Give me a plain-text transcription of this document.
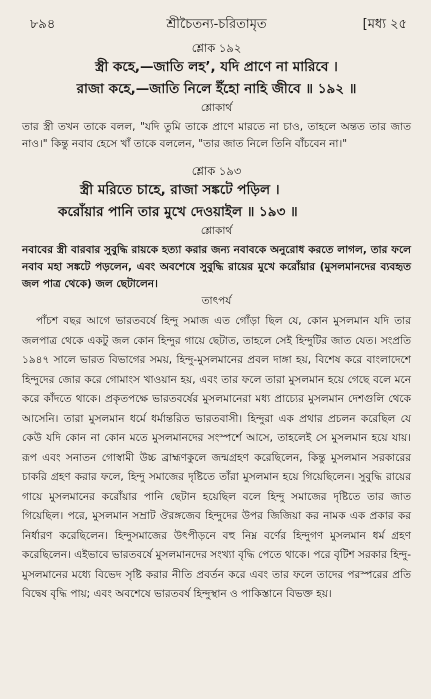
৮৯৪	শ্রীচৈতন্য-চরিতামৃত	[মধ্য ২৫
শ্লোক ১৯২
স্ত্রী কহে,—জাতি লহ’, যদি প্রাণে না মারিবে ।
রাজা কহে,—জাতি নিলে ইঁহো নাহি জীবে ॥ ১৯২ ॥
শ্লোকার্থ

তার স্ত্রী তখন তাকে বলল, "যদি তুমি তাকে প্রাণে মারতে না চাও, তাহলে অন্তত তার জাত নাও।" কিন্তু নবাব হেসে খাঁ তাকে বললেন, "তার জাত নিলে তিনি বাঁচবেন না।"

শ্লোক ১৯৩
স্ত্রী মরিতে চাহে, রাজা সঙ্কটে পড়িল ।
করোঁয়ার পানি তার মুখে দেওয়াইল ॥ ১৯৩ ॥
শ্লোকার্থ

নবাবের স্ত্রী বারবার সুবুদ্ধি রায়কে হত্যা করার জন্য নবাবকে অনুরোধ করতে লাগল, তার ফলে নবাব মহা সঙ্কটে পড়লেন, এবং অবশেষে সুবুদ্ধি রায়ের মুখে করোঁয়ার (মুসলমানদের ব্যবহৃত জল পাত্র থেকে) জল ছেটালেন।

তাৎপর্য

পাঁচশ বছর আগে ভারতবর্ষে হিন্দু সমাজ এত গোঁড়া ছিল যে, কোন মুসলমান যদি তার জলপাত্র থেকে একটু জল কোন হিন্দুর গায়ে ছেটাত, তাহলে সেই হিন্দুটির জাত যেত। সংপ্রতি ১৯৪৭ সালে ভারত বিভাগের সময়, হিন্দু-মুসলমানের প্রবল দাঙ্গা হয়, বিশেষ করে বাংলাদেশে হিন্দুদের জোর করে গোমাংস খাওয়ান হয়, এবং তার ফলে তারা মুসলমান হয়ে গেছে বলে মনে করে কাঁদতে থাকে। প্রকৃতপক্ষে ভারতবর্ষের মুসলমানেরা মধ্য প্রাচ্যের মুসলমান দেশগুলি থেকে আসেনি। তারা মুসলমান ধর্মে ধর্মান্তরিত ভারতবাসী। হিন্দুরা এক প্রথার প্রচলন করেছিল যে কেউ যদি কোন না কোন মতে মুসলমানদের সংস্পর্শে আসে, তাহলেই সে মুসলমান হয়ে যায়। রূপ এবং সনাতন গোস্বামী উচ্চ ব্রাহ্মণকুলে জন্মগ্রহণ করেছিলেন, কিন্তু মুসলমান সরকারের চাকরি গ্রহণ করার ফলে, হিন্দু সমাজের দৃষ্টিতে তাঁরা মুসলমান হয়ে গিয়েছিলেন। সুবুদ্ধি রায়ের গায়ে মুসলমানের করোঁয়ার পানি ছেটান হয়েছিল বলে হিন্দু সমাজের দৃষ্টিতে তার জাত গিয়েছিল। পরে, মুসলমান সম্রাট ঔরঙ্গজেব হিন্দুদের উপর জিজিয়া কর নামক এক প্রকার কর নির্ধারণ করেছিলেন। হিন্দুসমাজের উৎপীড়নে বহু নিম্ন বর্ণের হিন্দুগণ মুসলমান ধর্ম গ্রহণ করেছিলেন। এইভাবে ভারতবর্ষে মুসলমানদের সংখ্যা বৃদ্ধি পেতে থাকে। পরে বৃটিশ সরকার হিন্দু-মুসলমানের মধ্যে বিভেদ সৃষ্টি করার নীতি প্রবর্তন করে এবং তার ফলে তাদের পরস্পরের প্রতি বিদ্বেষ বৃদ্ধি পায়; এবং অবশেষে ভারতবর্ষ হিন্দুস্থান ও পাকিস্তানে বিভক্ত হয়।
